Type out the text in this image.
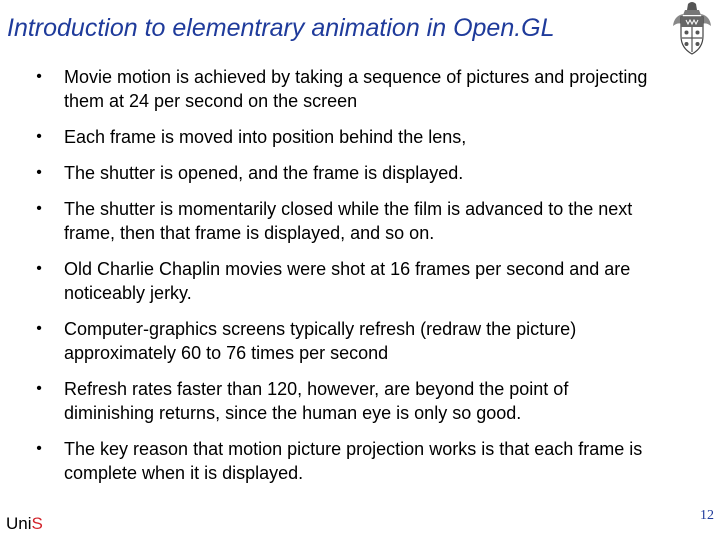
Introduction to elementrary animation in Open.GL
• Movie motion is achieved by taking a sequence of pictures and projecting them at 24 per second on the screen
• Each frame is moved into position behind the lens,
• The shutter is opened, and the frame is displayed.
• The shutter is momentarily closed while the film is advanced to the next frame, then that frame is displayed, and so on.
• Old Charlie Chaplin movies were shot at 16 frames per second and are noticeably jerky.
• Computer-graphics screens typically refresh (redraw the picture) approximately 60 to 76 times per second
• Refresh rates faster than 120, however, are beyond the point of diminishing returns, since the human eye is only so good.
• The key reason that motion picture projection works is that each frame is complete when it is displayed.
UniS	12
